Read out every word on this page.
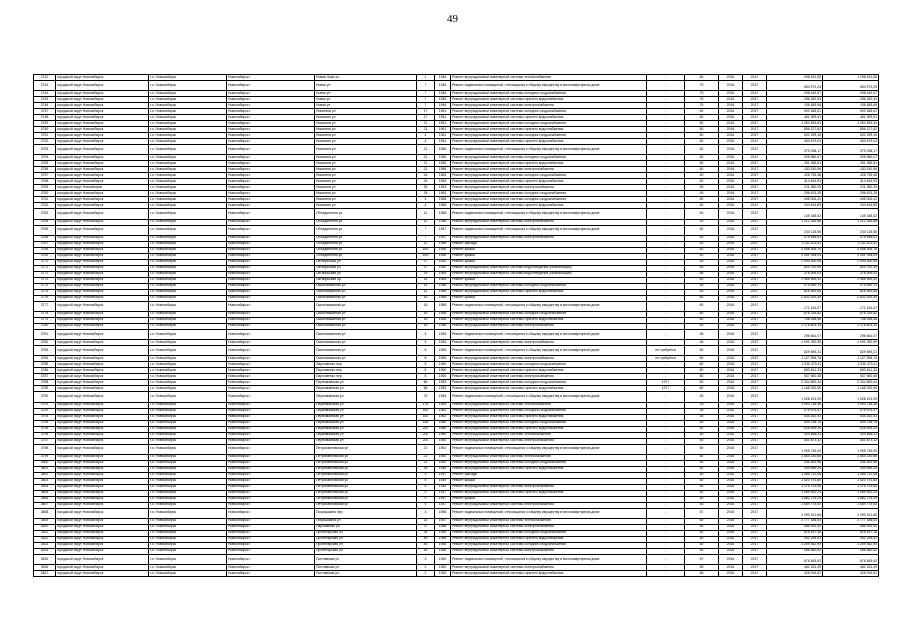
49
3742	городской округ Новосибирск	г.о. Новосибирск	Новосибирск г	Новая Заря ул	1	1946	Ремонт внутридомовой инженерной системы теплоснабжения	-	80	2016	2017	298 181,08	1 298 181,08
3743	городской округ Новосибирск	г.о. Новосибирск	Новосибирск г	Новая ул	7	1946	Ремонт подвальных помещений, относящихся к общему имуществу в многоквартирном доме	-	75	2016	2017	654 973,25	654 973,25
3744	городской округ Новосибирск	г.о. Новосибирск	Новосибирск г	Новая ул	7	1946	Ремонт внутридомовой инженерной системы холодного водоснабжения	-	75	2016	2017	298 445,57	298 445,57
3745	городской округ Новосибирск	г.о. Новосибирск	Новосибирск г	Новая ул	7	1946	Ремонт внутридомовой инженерной системы горячего водоснабжения	-	75	2016	2017	286 262,54	286 262,54
3746	городской округ Новосибирск	г.о. Новосибирск	Новосибирск г	Новая ул	7	1946	Ремонт внутридомовой инженерной системы электроснабжения	-	75	2016	2017	196 845,66	196 845,66
3747	городской округ Новосибирск	г.о. Новосибирск	Новосибирск г	Никитина ул	17	1961	Ремонт внутридомовой инженерной системы холодного водоснабжения	-	50	2016	2017	592 646,61	592 646,61
3748	городской округ Новосибирск	г.о. Новосибирск	Новосибирск г	Никитина ул	17	1961	Ремонт внутридомовой инженерной системы горячего водоснабжения	-	50	2016	2017	481 995,51	481 995,51
3749	городской округ Новосибирск	г.о. Новосибирск	Новосибирск г	Никитина ул	21	1961	Ремонт внутридомовой инженерной системы холодного водоснабжения	-	50	2016	2017	1 094 554,63	1 094 554,63
3750	городской округ Новосибирск	г.о. Новосибирск	Новосибирск г	Никитина ул	21	1961	Ремонт внутридомовой инженерной системы горячего водоснабжения	-	50	2016	2017	886 127,62	886 127,62
3751	городской округ Новосибирск	г.о. Новосибирск	Новосибирск г	Никитина ул	4	1961	Ремонт внутридомовой инженерной системы холодного водоснабжения	-	50	2016	2017	502 499,16	502 499,16
3752	городской округ Новосибирск	г.о. Новосибирск	Новосибирск г	Никитина ул	4	1961	Ремонт внутридомовой инженерной системы горячего водоснабжения	-	50	2016	2017	363 679,04	363 679,04
3753	городской округ Новосибирск	г.о. Новосибирск	Новосибирск г	Никитина ул	21	1956	Ремонт подвальных помещений, относящихся к общему имуществу в многоквартирном доме	-	60	2016	2017	379 338,17	379 338,17
3754	городской округ Новосибирск	г.о. Новосибирск	Новосибирск г	Никитина ул	21	1956	Ремонт внутридомовой инженерной системы холодного водоснабжения	-	60	2016	2017	305 580,07	305 580,07
3755	городской округ Новосибирск	г.о. Новосибирск	Новосибирск г	Никитина ул	21	1956	Ремонт внутридомовой инженерной системы горячего водоснабжения	-	60	2016	2017	281 956,81	281 956,81
3756	городской округ Новосибирск	г.о. Новосибирск	Новосибирск г	Никитина ул	21	1956	Ремонт внутридомовой инженерной системы электроснабжения	-	60	2016	2017	183 530,56	183 530,56
3757	городской округ Новосибирск	г.о. Новосибирск	Новосибирск г	Никитина ул	26	1963	Ремонт внутридомовой инженерной системы холодного водоснабжения	-	40	2016	2017	426 796,48	426 796,48
3758	городской округ Новосибирск	г.о. Новосибирск	Новосибирск г	Никитина ул	26	1963	Ремонт внутридомовой инженерной системы горячего водоснабжения	-	40	2016	2017	314 643,94	314 643,94
3759	городской округ Новосibирск	г.о. Новосибирск	Новосибирск г	Никитина ул	26	1963	Ремонт внутридомовой инженерной системы электроснабжения	-	45	2016	2017	211 360,29	211 360,29
3760	городской округ Новосибирск	г.о. Новосибирск	Новосибирск г	Никитина ул	26	1963	Ремонт внутридомовой инженерной системы холодного водоснабжения	-	45	2016	2017	296 633,28	296 633,28
3761	городской округ Новосибирск	г.о. Новосибирск	Новосибирск г	Никитина ул	4	1968	Ремонт внутридомовой инженерной системы холодного водоснабжения	-	50	2016	2017	455 004,41	455 004,41
3762	городской округ Новосибирск	г.о. Новосибирск	Новосибирск г	Никитина ул	4	1968	Ремонт внутридомовой инженерной системы горячего водоснабжения	-	50	2016	2017	343 634,89	343 634,89
3763	городской округ Новосибирск	г.о. Новосибирск	Новосибирск г	Объединения ул	11	1958	Ремонт подвальных помещений, относящихся к общему имуществу в многоквартирном доме	-	40	2016	2017	145 348,62	145 348,62
3764	городской округ Новосибирск	г.о. Новосибирск	Новосибирск г	Объединения ул	11	1958	Ремонт внутридомовой инженерной системы электроснабжения	-	40	2016	2017	1 012 265,88	1 012 265,88
3765	городской округ Новосибирск	г.о. Новосибирск	Новосибирск г	Объединения ул	7	1957	Ремонт подвальных помещений, относящихся к общему имуществу в многоквартирном доме	-	60	2016	2017	204 125,56	204 125,56
3766	городской округ Новосибирск	г.о. Новосибирск	Новосибирск г	Объединения ул	7	1957	Ремонт внутридомовой инженерной системы электроснабжения	-	60	2016	2017	975 448,61	975 448,61
3767	городской округ Новосибирск	г.о. Новосибирск	Новосибирск г	Объединения ул	11	1958	Ремонт фасада	-	40	2016	2017	1 132 423,51	1 132 423,51
3768	городской округ Новосибирск	г.о. Новосибирск	Новосибирск г	Объединения ул	15/1	1956	Ремонт крыши	-	40	2016	2017	2 448 305,76	2 448 305,76
3769	городской округ Новосибирск	г.о. Новосибирск	Новосибирск г	Объединения ул	15/2	1956	Ремонт крыши	-	40	2016	2017	2 451 938,04	2 451 938,04
3770	городской округ Новосибирск	г.о. Новосибирск	Новосибирск г	Октябрьская ул	27	1952	Ремонт крыши	-	45	2016	2017	2 094 500,06	2 094 500,06
3771	городской округ Новосибирск	г.о. Новосибирск	Новосибирск г	Октябрьская ул	27	1952	Ремонт внутридомовой инженерной системы водоотведения (канализации)	-	50	2016	2017	620 761,99	620 761,99
3772	городской округ Новосибирск	г.о. Новосибирск	Новосибирск г	Октябрьская ул	29	1955	Ремонт внутридомовой инженерной системы водоотведения (канализации)	-	55	2016	2017	378 906,03	378 906,03
3773	городской округ Новосибирск	г.о. Новосибирск	Новосибирск г	Октябрьский пр	14	1964	Ремонт крыши	-	40	2016	2017	2 468 569,92	2 468 569,92
3774	городской округ Новосибирск	г.о. Новосибирск	Новосибирск г	Ошоновашеная ул	14	1956	Ремонт внутридомовой инженерной системы холодного водоснабжения	-	65	2016	2017	975 849,74	975 849,74
3775	городской округ Новосибирск	г.о. Новосибирск	Новосибирск г	Ошоновашеная ул	14	1956	Ремонт внутридомовой инженерной системы горячего водоснабжения	-	60	2016	2017	818 351,84	818 351,84
3776	городской округ Новосибирск	г.о. Новосибирск	Новосибирск г	Ошоновашеная ул	16	1958	Ремонт крыши	-	60	2016	2017	2 632 492,49	2 632 492,49
3777	городской округ Новосибирск	г.о. Новосибирск	Новосибирск г	Ошоновашеная ул	16	1958	Ремонт подвальных помещений, относящихся к общему имуществу в многоквартирном доме	-	60	2016	2017	171 164,07	171 164,07
3778	городской округ Новосибирск	г.о. Новосибирск	Новосибирск г	Ошоновашеная ул	16	1958	Ремонт внутридомовой инженерной системы холодного водоснабжения	-	60	2016	2017	876 318,82	876 318,82
3779	городской округ Новосибирск	г.о. Новосибирск	Новосибирск г	Ошоновашеная ул	16	1958	Ремонт внутридомовой инженерной системы горячего водоснабжения	-	60	2016	2017	768 288,46	768 288,46
3780	городской округ Новосибирск	г.о. Новосибирск	Новосибирск г	Ошоновашеная ул	16	1958	Ремонт внутридомовой инженерной системы электроснабжения	-	60	2016	2017	2 176 803,14	2 176 803,14
3781	городской округ Новосибирск	г.о. Новосибирск	Новосибирск г	Ошоновашеная ул	4	1954	Ремонт подвальных помещений, относящихся к общему имуществу в многоквартирном доме	-	48	2016	2017	298 661,07	298 661,07
3782	городской округ Новосибирск	г.о. Новосибирск	Новосибирск г	Ошоновашеная ул	4	1954	Ремонт внутридомовой инженерной системы электроснабжения	-	48	2016	2017	1 091 092,99	1 091 092,99
3783	городской округ Новосибирск	г.о. Новосибирск	Новосибирск г	Ошоновашеная ул	8	1955	Ремонт подвальных помещений, относящихся к общему имуществу в многоквартирном доме	не требуется	60	2016	2017	829 849,21	829 849,21
3784	городской округ Новосибирск	г.о. Новосибирск	Новосибирск г	Ошоновашеная ул	8	1955	Ремонт внутридомовой инженерной системы электроснабжения	не требуется	60	2016	2017	1 127 596,76	1 127 596,76
3785	городской округ Новосибирск	г.о. Новосибирск	Новосибирск г	Пархоменко пер	5	1960	Ремонт внутридомовой инженерной системы холодного водоснабжения	-	60	2016	2017	1 036 473,11	1 036 473,11
3786	городской округ Новосибирск	г.о. Новосибирск	Новосибирск г	Пархоменко пер	5	1960	Ремонт внутридомовой инженерной системы горячего водоснабжения	-	60	2016	2017	683 461,33	683 461,33
3787	городской округ Новосибирск	г.о. Новосибирск	Новосибирск г	Пархоменко пер	5	1960	Ремонт внутридомовой инженерной системы электроснабжения	-	60	2016	2017	537 660,48	537 660,48
3788	городской округ Новосибирск	г.о. Новосибирск	Новосибирск г	Первомайская ул	66	1953	Ремонт внутридомовой инженерной системы холодного водоснабжения	1977	60	2016	2017	2 344 680,44	2 344 680,44
3789	городской округ Новосибирск	г.о. Новосибирск	Новосибирск г	Первомайская ул	66	1953	Ремонт внутридомовой инженерной системы горячего водоснабжения	1977	60	2016	2017	1 168 932,59	1 168 932,59
3790	городской округ Новосибирск	г.о. Новосибирск	Новосибирск г	Первомайская ул	76	1954	Ремонт подвальных помещений, относящихся к общему имуществу в многоквартирном доме	-	45	2016	2017	1 028 151,09	1 028 151,09
3791	городской округ Новосибирск	г.о. Новосибирск	Новосибирск г	Первомайская ул	176	1954	Ремонт внутридомовой инженерной системы теплоснабжения	-	25	2016	2017	1 993 748,36	1 993 748,36
3792	городской округ Новосибирск	г.о. Новосибирск	Новосибирск г	Первомайская ул	182	1962	Ремонт внутридомовой инженерной системы холодного водоснабжения	-	35	2016	2017	579 574,47	579 574,47
3793	городской округ Новосибирск	г.о. Новосибирск	Новосибирск г	Первомайская ул	182	1962	Ремонт внутридомовой инженерной системы горячего водоснабжения	-	35	2016	2017	535 262,51	535 262,51
3794	городской округ Новосибирск	г.о. Новосибирск	Новосибирск г	Первомайская ул	188	1960	Ремонт внутридомовой инженерной системы холодного водоснабжения	-	50	2016	2017	895 796,78	895 796,78
3795	городской округ Новосибирск	г.о. Новосибирск	Новосибирск г	Первомайская ул	200	1960	Ремонт внутридомовой инженерной системы горячего водоснабжения	-	50	2016	2017	626 525,29	626 525,29
3796	городской округ Новосибирск	г.о. Новосибирск	Новосибирск г	Первомайская ул	200	1960	Ремонт внутридомовой инженерной системы теплоснабжения	-	50	2016	2017	524 668,11	524 668,11
3797	городской округ Новосибирск	г.о. Новосибирск	Новосибирск г	Первомайская ул	200	1960	Ремонт внутридомовой инженерной системы электроснабжения	-	50	2016	2017	461 673,12	461 673,12
3798	городской округ Новосибирск	г.о. Новосибирск	Новосибирск г	Петропавловская ул	21	1952	Ремонт подвальных помещений, относящихся к общему имуществу в многоквартирном доме	-	50	2016	2017	1 055 716,09	1 055 716,09
3799	городской округ Новосибирск	г.о. Новосибирск	Новосибирск г	Петропавловская ул	21	1952	Ремонт внутридомовой инженерной системы теплоснабжения	-	50	2016	2017	1 664 230,66	1 664 230,66
3800	городской округ Новосибирск	г.о. Новосибирск	Новосибирск г	Петропавловская ул	21	1952	Ремонт внутридомовой инженерной системы холодного водоснабжения	-	50	2016	2017	446 361,98	446 361,98
3801	городской округ Новосибирск	г.о. Новосибирск	Новосибирск г	Петропавловская ул	26	1948	Ремонт внутридомовой инженерной системы горячего водоснабжения	-	50	2016	2017	349 069,24	349 069,24
3802	городской округ Новосибирск	г.о. Новосибирск	Новосибирск г	Петропавловская ул	3	1947	Ремонт фасада	-	50	2016	2017	1 486 741,08	1 486 741,08
3803	городской округ Новосибирск	г.о. Новосибирск	Новосибирск г	Петропавловская ул	5	1949	Ремонт крыши	-	50	2016	2017	2 620 791,80	2 620 791,80
3804	городской округ Новосибирск	г.о. Новосибирск	Новосибирск г	Петропавловская ул	5	1949	Ремонт внутридомовой инженерной системы электроснабжения	-	50	2016	2017	1 176 723,06	1 176 723,06
3805	городской округ Новосибирск	г.о. Новосибирск	Новосибирск г	Петропавловская ул	9	1947	Ремонт внутридомовой инженерной системы горячего водоснабжения	-	50	2016	2017	1 089 361,24	1 089 361,24
3806	городской округ Новосибирск	г.о. Новосибирск	Новосибирск г	Петропавловская ул	9	1947	Ремонт крыши	-	50	2016	2017	1 662 275,29	1 662 275,29
3807	городской округ Новосибирск	г.о. Новосибирск	Новосибирск г	Петропавловская ул	9	1947	Ремонт внутридомовой инженерной системы электроснабжения	-	50	2016	2017	1 649 775,00	1 649 775,00
3808	городской округ Новосибирск	г.о. Новосибирск	Новосибирск г	Покрышкина пер	3	1956	Ремонт подвальных помещений, относящихся к общему имуществу в многоквартирном доме	-	57	2016	2017	2 090 321,66	2 090 321,66
3809	городской округ Новосибирск	г.о. Новосибирск	Новосибирск г	Покрышкина ул	14	1957	Ремонт внутридомовой инженерной системы теплоснабжения	-	60	2016	2017	2 777 186,81	2 777 186,81
3810	городской округ Новосибирск	г.о. Новосибирск	Новосибирск г	Пархоменко ул	5	1958	Ремонт внутридомовой инженерной системы электроснабжения	-	50	2016	2017	966 052,40	966 052,40
3811	городской округ Новосибирск	г.о. Новосибирск	Новосибирск г	Пролетарская ул	35	1959	Ремонт внутридомовой инженерной системы холодного водоснабжения	-	50	2016	2017	818 157,18	818 157,18
3812	городской округ Новосибирск	г.о. Новосибирск	Новосибирск г	Пролетарская ул	45	1958	Ремонт внутридомовой инженерной системы горячего водоснабжения	-	50	2016	2017	542 294,51	542 294,51
3813	городской округ Новосибирск	г.о. Новосибирск	Новосибирск г	Пролетарская ул	45	1958	Ремонт внутридомовой инженерной системы холодного водоснабжения	-	50	2016	2017	3 259 542,90	3 259 542,90
3814	городской округ Новосибирск	г.о. Новосибирск	Новосибирск г	Пролетарская ул	45	1958	Ремонт внутридомовой инженерной системы электроснабжения	-	50	2016	2017	986 860,82	986 860,82
3815	городской округ Новосибирск	г.о. Новосибирск	Новосибирск г	Полтавская ул	3	1952	Ремонт подвальных помещений, относящихся к общему имуществу в многоквартирном доме	-	57	2016	2017	876 465,63	876 465,63
3816	городской округ Новосибирск	г.о. Новосибирск	Новосибирск г	Полтавская ул	2	1952	Ремонт внутридомовой инженерной системы электроснабжения	-	55	2016	2017	482 181,49	482 181,49
3817	городской округ Новосибирск	г.о. Новосибирск	Новосибирск г	Полтавская ул	2	1952	Ремонт внутридомовой инженерной системы горячего водоснабжения	-	55	2016	2017	428 916,81	428 916,81
